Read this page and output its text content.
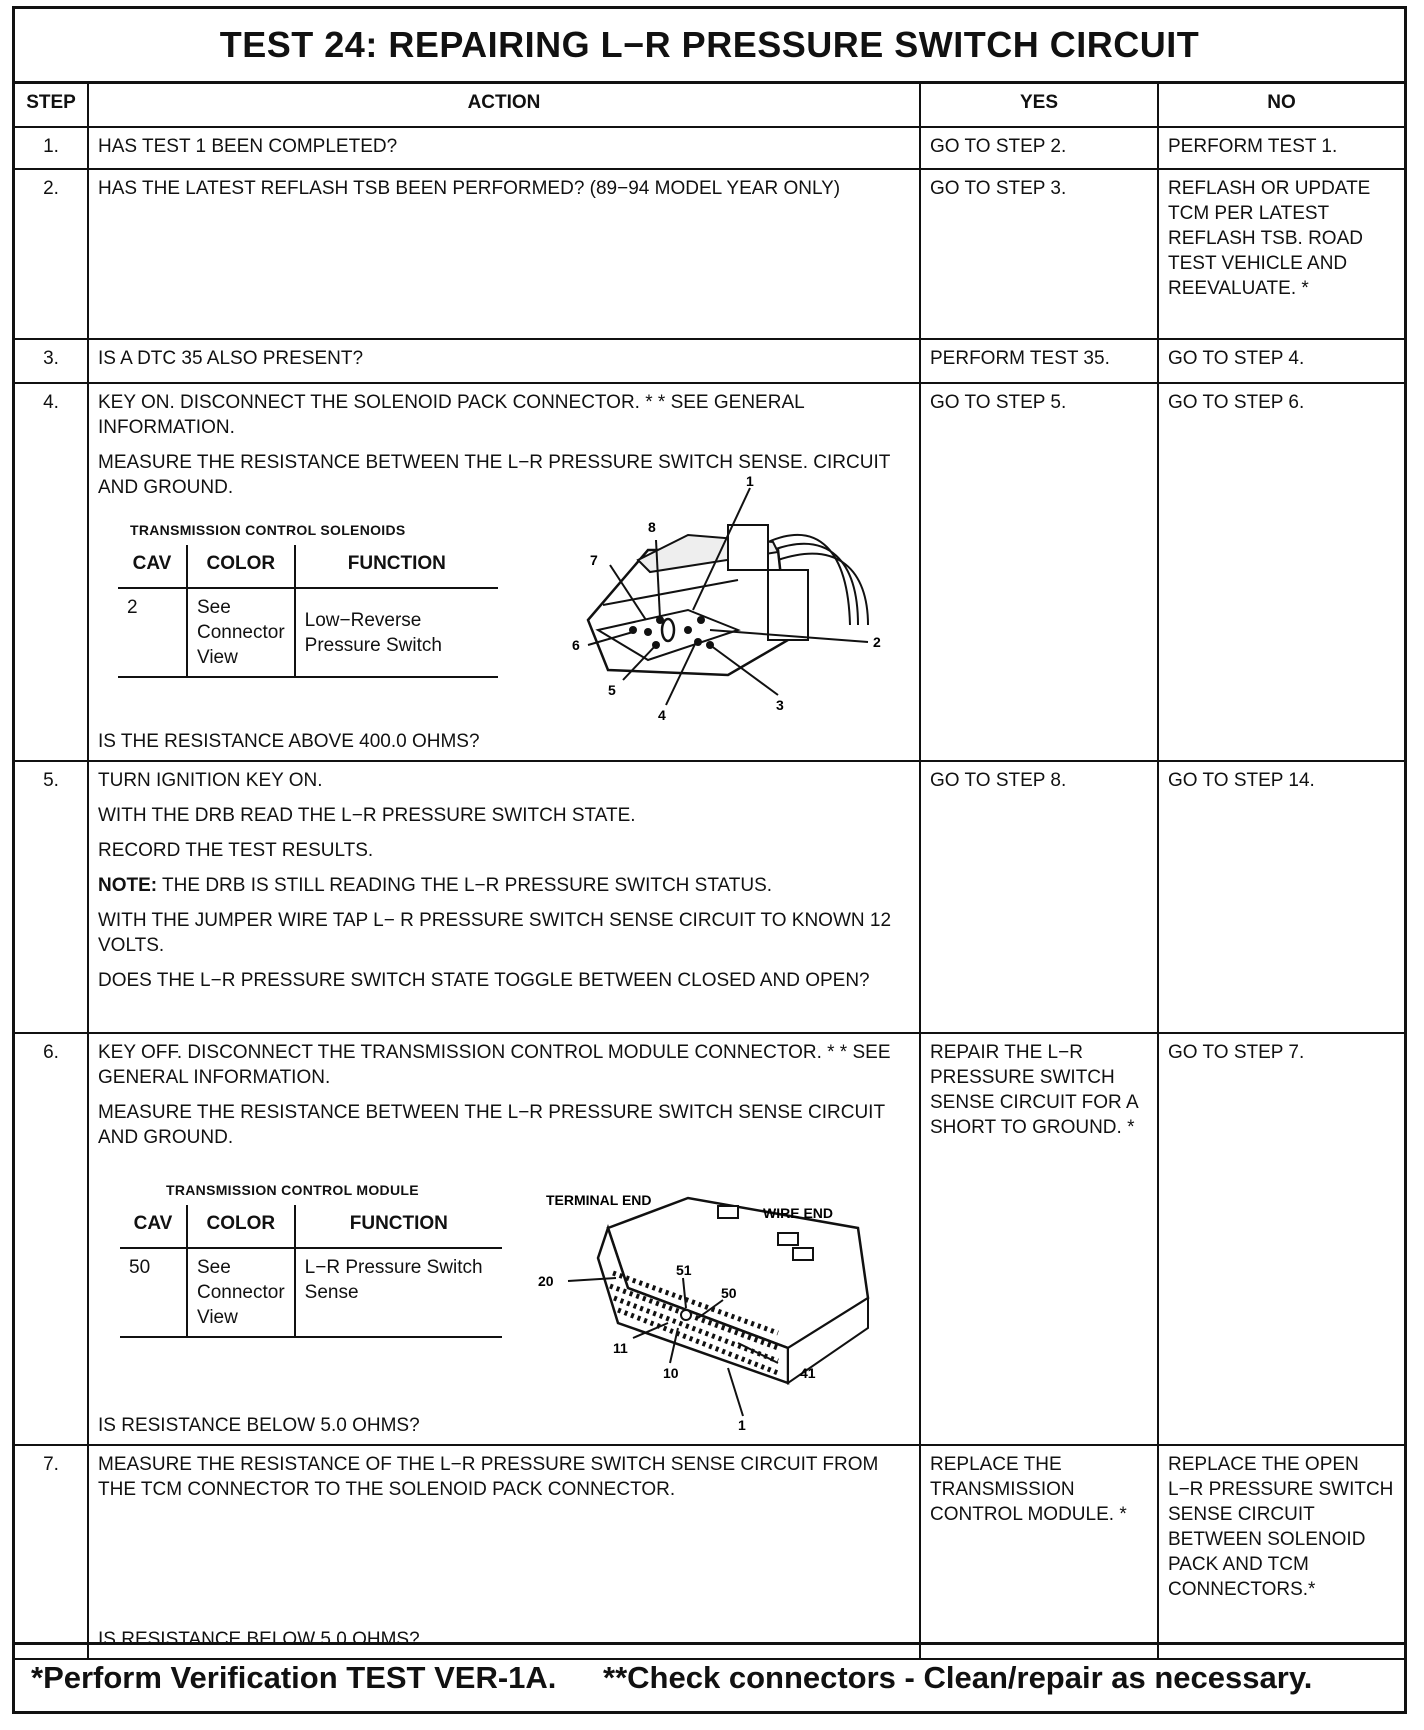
TEST 24: REPAIRING L−R PRESSURE SWITCH CIRCUIT
STEP	ACTION	YES	NO
1.	HAS TEST 1 BEEN COMPLETED?	GO TO STEP 2.	PERFORM TEST 1.
2.	HAS THE LATEST REFLASH TSB BEEN PERFORMED? (89−94 MODEL YEAR ONLY)	GO TO STEP 3.	REFLASH OR UPDATE TCM PER LATEST REFLASH TSB. ROAD TEST VEHICLE AND REEVALUATE. *
3.	IS A DTC 35 ALSO PRESENT?	PERFORM TEST 35.	GO TO STEP 4.
4.	KEY ON. DISCONNECT THE SOLENOID PACK CONNECTOR. * * SEE GENERAL INFORMATION.

MEASURE THE RESISTANCE BETWEEN THE L−R PRESSURE SWITCH SENSE. CIRCUIT AND GROUND.

TRANSMISSION CONTROL SOLENOIDS
CAV	COLOR	FUNCTION
2	See Connector View	Low−Reverse Pressure Switch
1
2
3
4
5
6
7
8
IS THE RESISTANCE ABOVE 400.0 OHMS?
	GO TO STEP 5.	GO TO STEP 6.
5.	TURN IGNITION KEY ON.

WITH THE DRB READ THE L−R PRESSURE SWITCH STATE.

RECORD THE TEST RESULTS.

NOTE: THE DRB IS STILL READING THE L−R PRESSURE SWITCH STATUS.

WITH THE JUMPER WIRE TAP L− R PRESSURE SWITCH SENSE CIRCUIT TO KNOWN 12 VOLTS.

DOES THE L−R PRESSURE SWITCH STATE TOGGLE BETWEEN CLOSED AND OPEN?

	GO TO STEP 8.	GO TO STEP 14.
6.	KEY OFF. DISCONNECT THE TRANSMISSION CONTROL MODULE CONNECTOR. * * SEE GENERAL INFORMATION.

MEASURE THE RESISTANCE BETWEEN THE L−R PRESSURE SWITCH SENSE CIRCUIT AND GROUND.

TRANSMISSION CONTROL MODULE
CAV	COLOR	FUNCTION
50	See Connector View	L−R Pressure Switch Sense
TERMINAL END
WIRE END
51
50
20
11
10	41
1
IS RESISTANCE BELOW 5.0 OHMS?
	REPAIR THE L−R PRESSURE SWITCH SENSE CIRCUIT FOR A SHORT TO GROUND. *	GO TO STEP 7.
7.	MEASURE THE RESISTANCE OF THE L−R PRESSURE SWITCH SENSE CIRCUIT FROM THE TCM CONNECTOR TO THE SOLENOID PACK CONNECTOR.

IS RESISTANCE BELOW 5.0 OHMS?
	REPLACE THE TRANSMISSION CONTROL MODULE. *	REPLACE THE OPEN L−R PRESSURE SWITCH SENSE CIRCUIT BETWEEN SOLENOID PACK AND TCM CONNECTORS.*
*Perform Verification TEST VER-1A. **Check connectors - Clean/repair as necessary.
